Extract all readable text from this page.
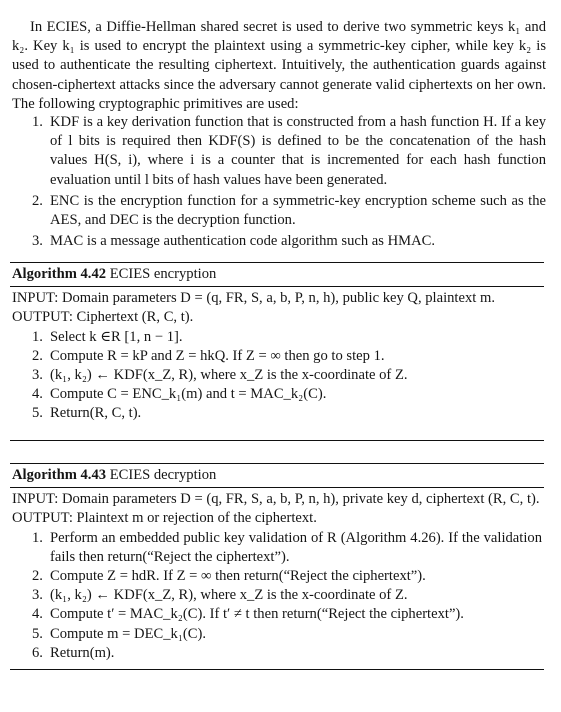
In ECIES, a Diffie-Hellman shared secret is used to derive two symmetric keys k₁ and k₂. Key k₁ is used to encrypt the plaintext using a symmetric-key cipher, while key k₂ is used to authenticate the resulting ciphertext. Intuitively, the authentication guards against chosen-ciphertext attacks since the adversary cannot generate valid ciphertexts on her own. The following cryptographic primitives are used:

1. KDF is a key derivation function that is constructed from a hash function H. If a key of l bits is required then KDF(S) is defined to be the concatenation of the hash values H(S, i), where i is a counter that is incremented for each hash function evaluation until l bits of hash values have been generated.
2. ENC is the encryption function for a symmetric-key encryption scheme such as the AES, and DEC is the decryption function.
3. MAC is a message authentication code algorithm such as HMAC.
Algorithm 4.42 ECIES encryption
INPUT: Domain parameters D = (q, FR, S, a, b, P, n, h), public key Q, plaintext m.
OUTPUT: Ciphertext (R, C, t).
1. Select k ∈R [1, n − 1].
2. Compute R = kP and Z = hkQ. If Z = ∞ then go to step 1.
3. (k₁, k₂) ← KDF(x_Z, R), where x_Z is the x-coordinate of Z.
4. Compute C = ENC_k₁(m) and t = MAC_k₂(C).
5. Return(R, C, t).
Algorithm 4.43 ECIES decryption
INPUT: Domain parameters D = (q, FR, S, a, b, P, n, h), private key d, ciphertext (R, C, t).
OUTPUT: Plaintext m or rejection of the ciphertext.
1. Perform an embedded public key validation of R (Algorithm 4.26). If the validation fails then return(“Reject the ciphertext”).
2. Compute Z = hdR. If Z = ∞ then return(“Reject the ciphertext”).
3. (k₁, k₂) ← KDF(x_Z, R), where x_Z is the x-coordinate of Z.
4. Compute t′ = MAC_k₂(C). If t′ ≠ t then return(“Reject the ciphertext”).
5. Compute m = DEC_k₁(C).
6. Return(m).
